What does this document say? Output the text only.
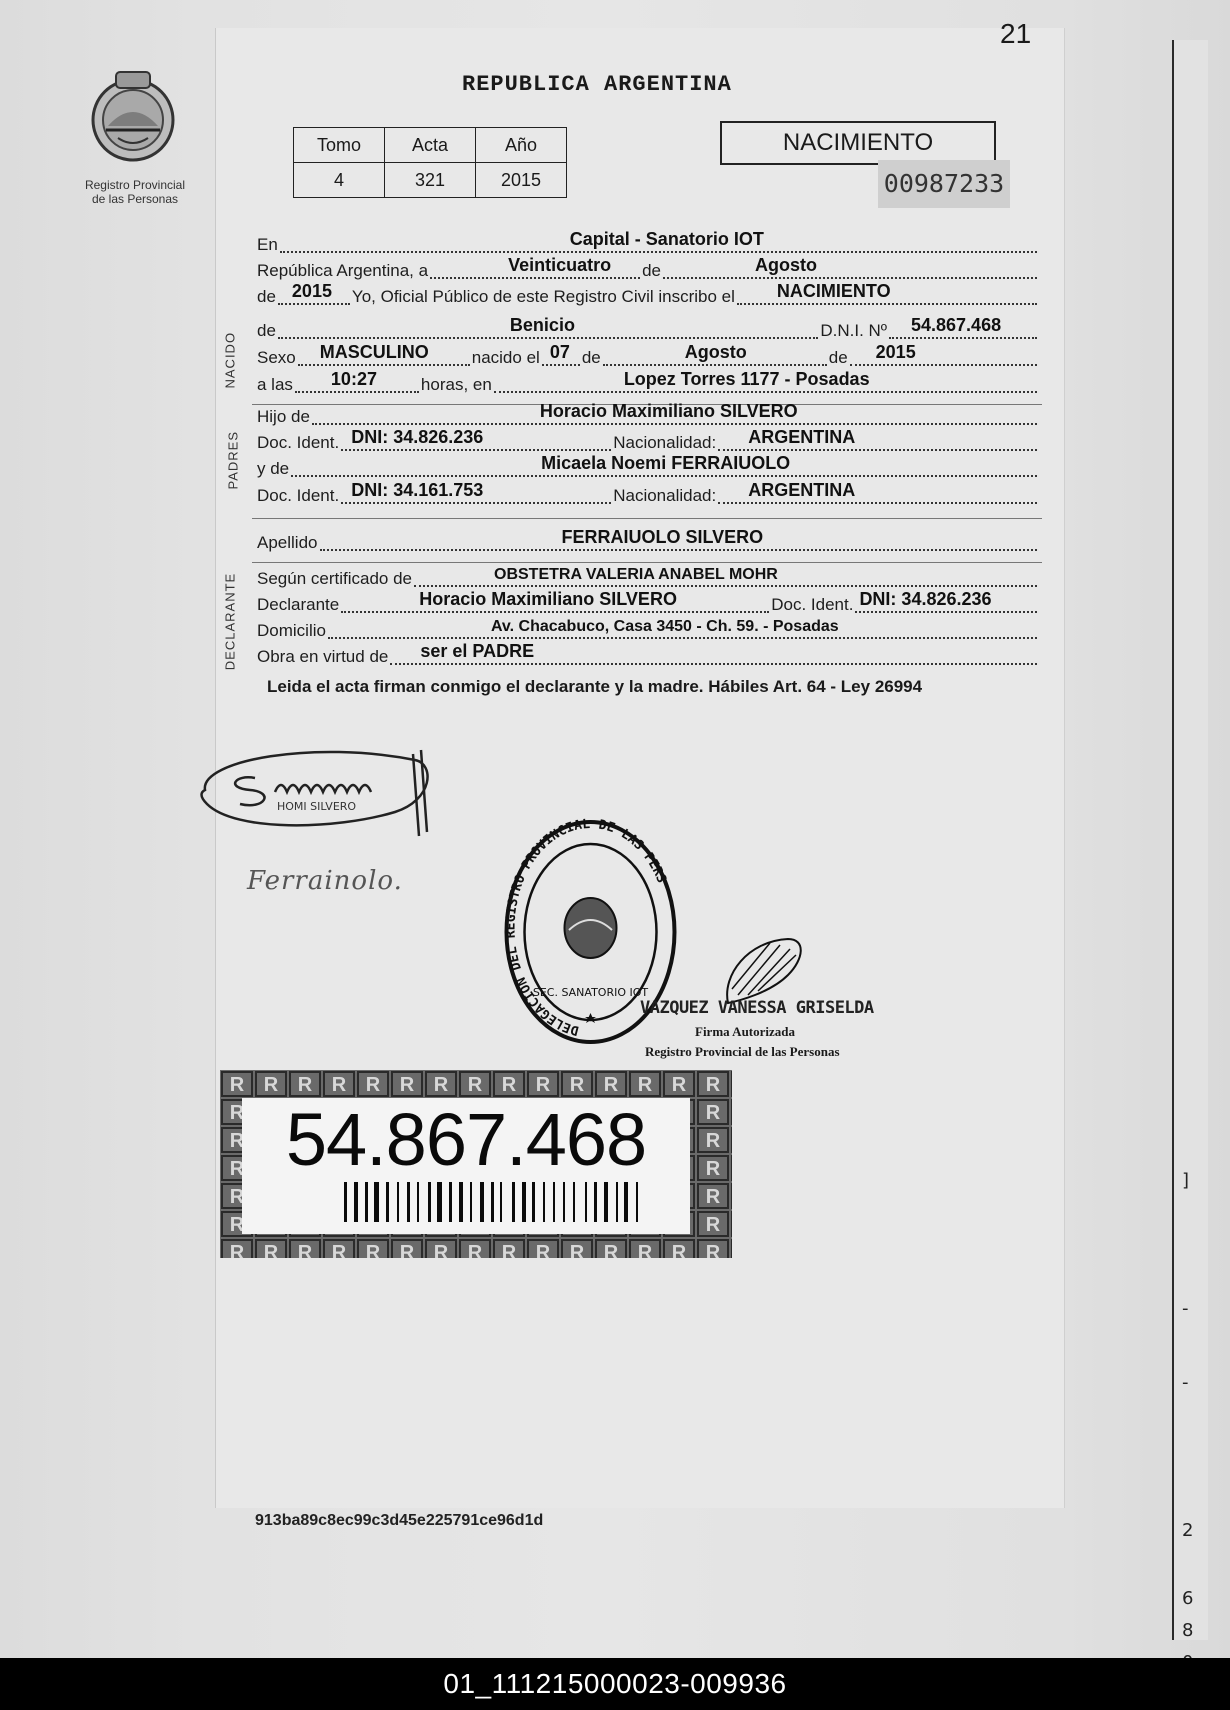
]
-
-
2
6
8
21
Registro Provincial
de las Personas
REPUBLICA ARGENTINA
Tomo	Acta	Año
4	321	2015
NACIMIENTO
00987233
En	Capital - Sanatorio IOT
República Argentina, a	Veinticuatro de	Agosto
de 2015 Yo, Oficial Público de este Registro Civil inscribo el NACIMIENTO
NACIDO
de	Benicio	D.N.I. Nº 54.867.468
Sexo MASCULINO	nacido el 07 de	Agosto	de 2015
a las 10:27	horas, en	Lopez Torres 1177 - Posadas
PADRES
Hijo de	Horacio Maximiliano SILVERO
Doc. Ident. DNI: 34.826.236	Nacionalidad: ARGENTINA
y de	Micaela Noemi FERRAIUOLO
Doc. Ident. DNI: 34.161.753	Nacionalidad: ARGENTINA
Apellido	FERRAIUOLO SILVERO
DECLARANTE Según certificado de	OBSTETRA VALERIA ANABEL MOHR
Declarante	Horacio Maximiliano SILVERO	Doc. Ident. DNI: 34.826.236
Domicilio	Av. Chacabuco, Casa 3450 - Ch. 59. - Posadas
Obra en virtud de ser el PADRE
Leida el acta firman conmigo el declarante y la madre. Hábiles Art. 64 - Ley 26994
HOMI SILVERO
Ferrainolo.
DELEGACION DEL REGISTRO PROVINCIAL DE LAS PERS
SEC. SANATORIO IOT
VAZQUEZ VANESSA GRISELDA
Firma Autorizada
Registro Provincial de las Personas
54.867.468
913ba89c8ec99c3d45e225791ce96d1d
01_111215000023-009936
